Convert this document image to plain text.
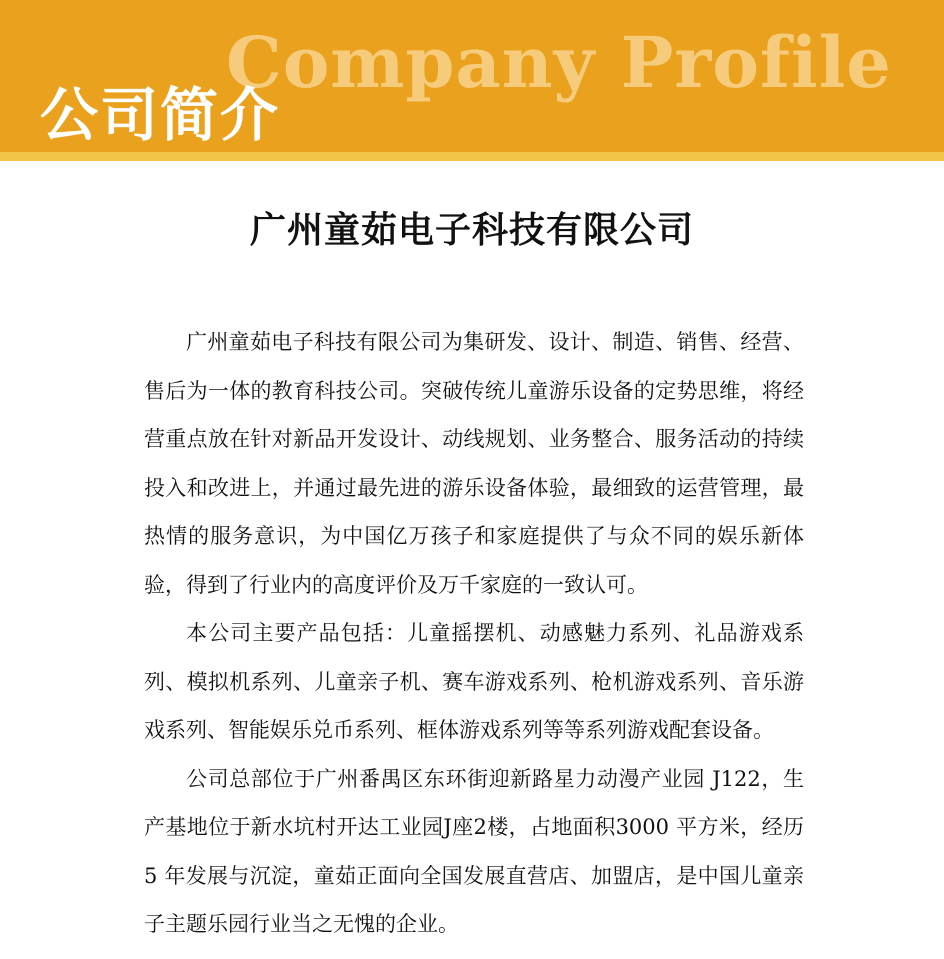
Company Profile
公司简介
广州童茹电子科技有限公司

广州童茹电子科技有限公司为集研发、设计、制造、销售、经营、售后为一体的教育科技公司。突破传统儿童游乐设备的定势思维，将经营重点放在针对新品开发设计、动线规划、业务整合、服务活动的持续投入和改进上，并通过最先进的游乐设备体验，最细致的运营管理，最热情的服务意识，为中国亿万孩子和家庭提供了与众不同的娱乐新体验，得到了行业内的高度评价及万千家庭的一致认可。

本公司主要产品包括：儿童摇摆机、动感魅力系列、礼品游戏系列、模拟机系列、儿童亲子机、赛车游戏系列、枪机游戏系列、音乐游戏系列、智能娱乐兑币系列、框体游戏系列等等系列游戏配套设备。

公司总部位于广州番禺区东环街迎新路星力动漫产业园 J122，生产基地位于新水坑村开达工业园J座2楼，占地面积3000 平方米，经历 5 年发展与沉淀，童茹正面向全国发展直营店、加盟店，是中国儿童亲子主题乐园行业当之无愧的企业。
